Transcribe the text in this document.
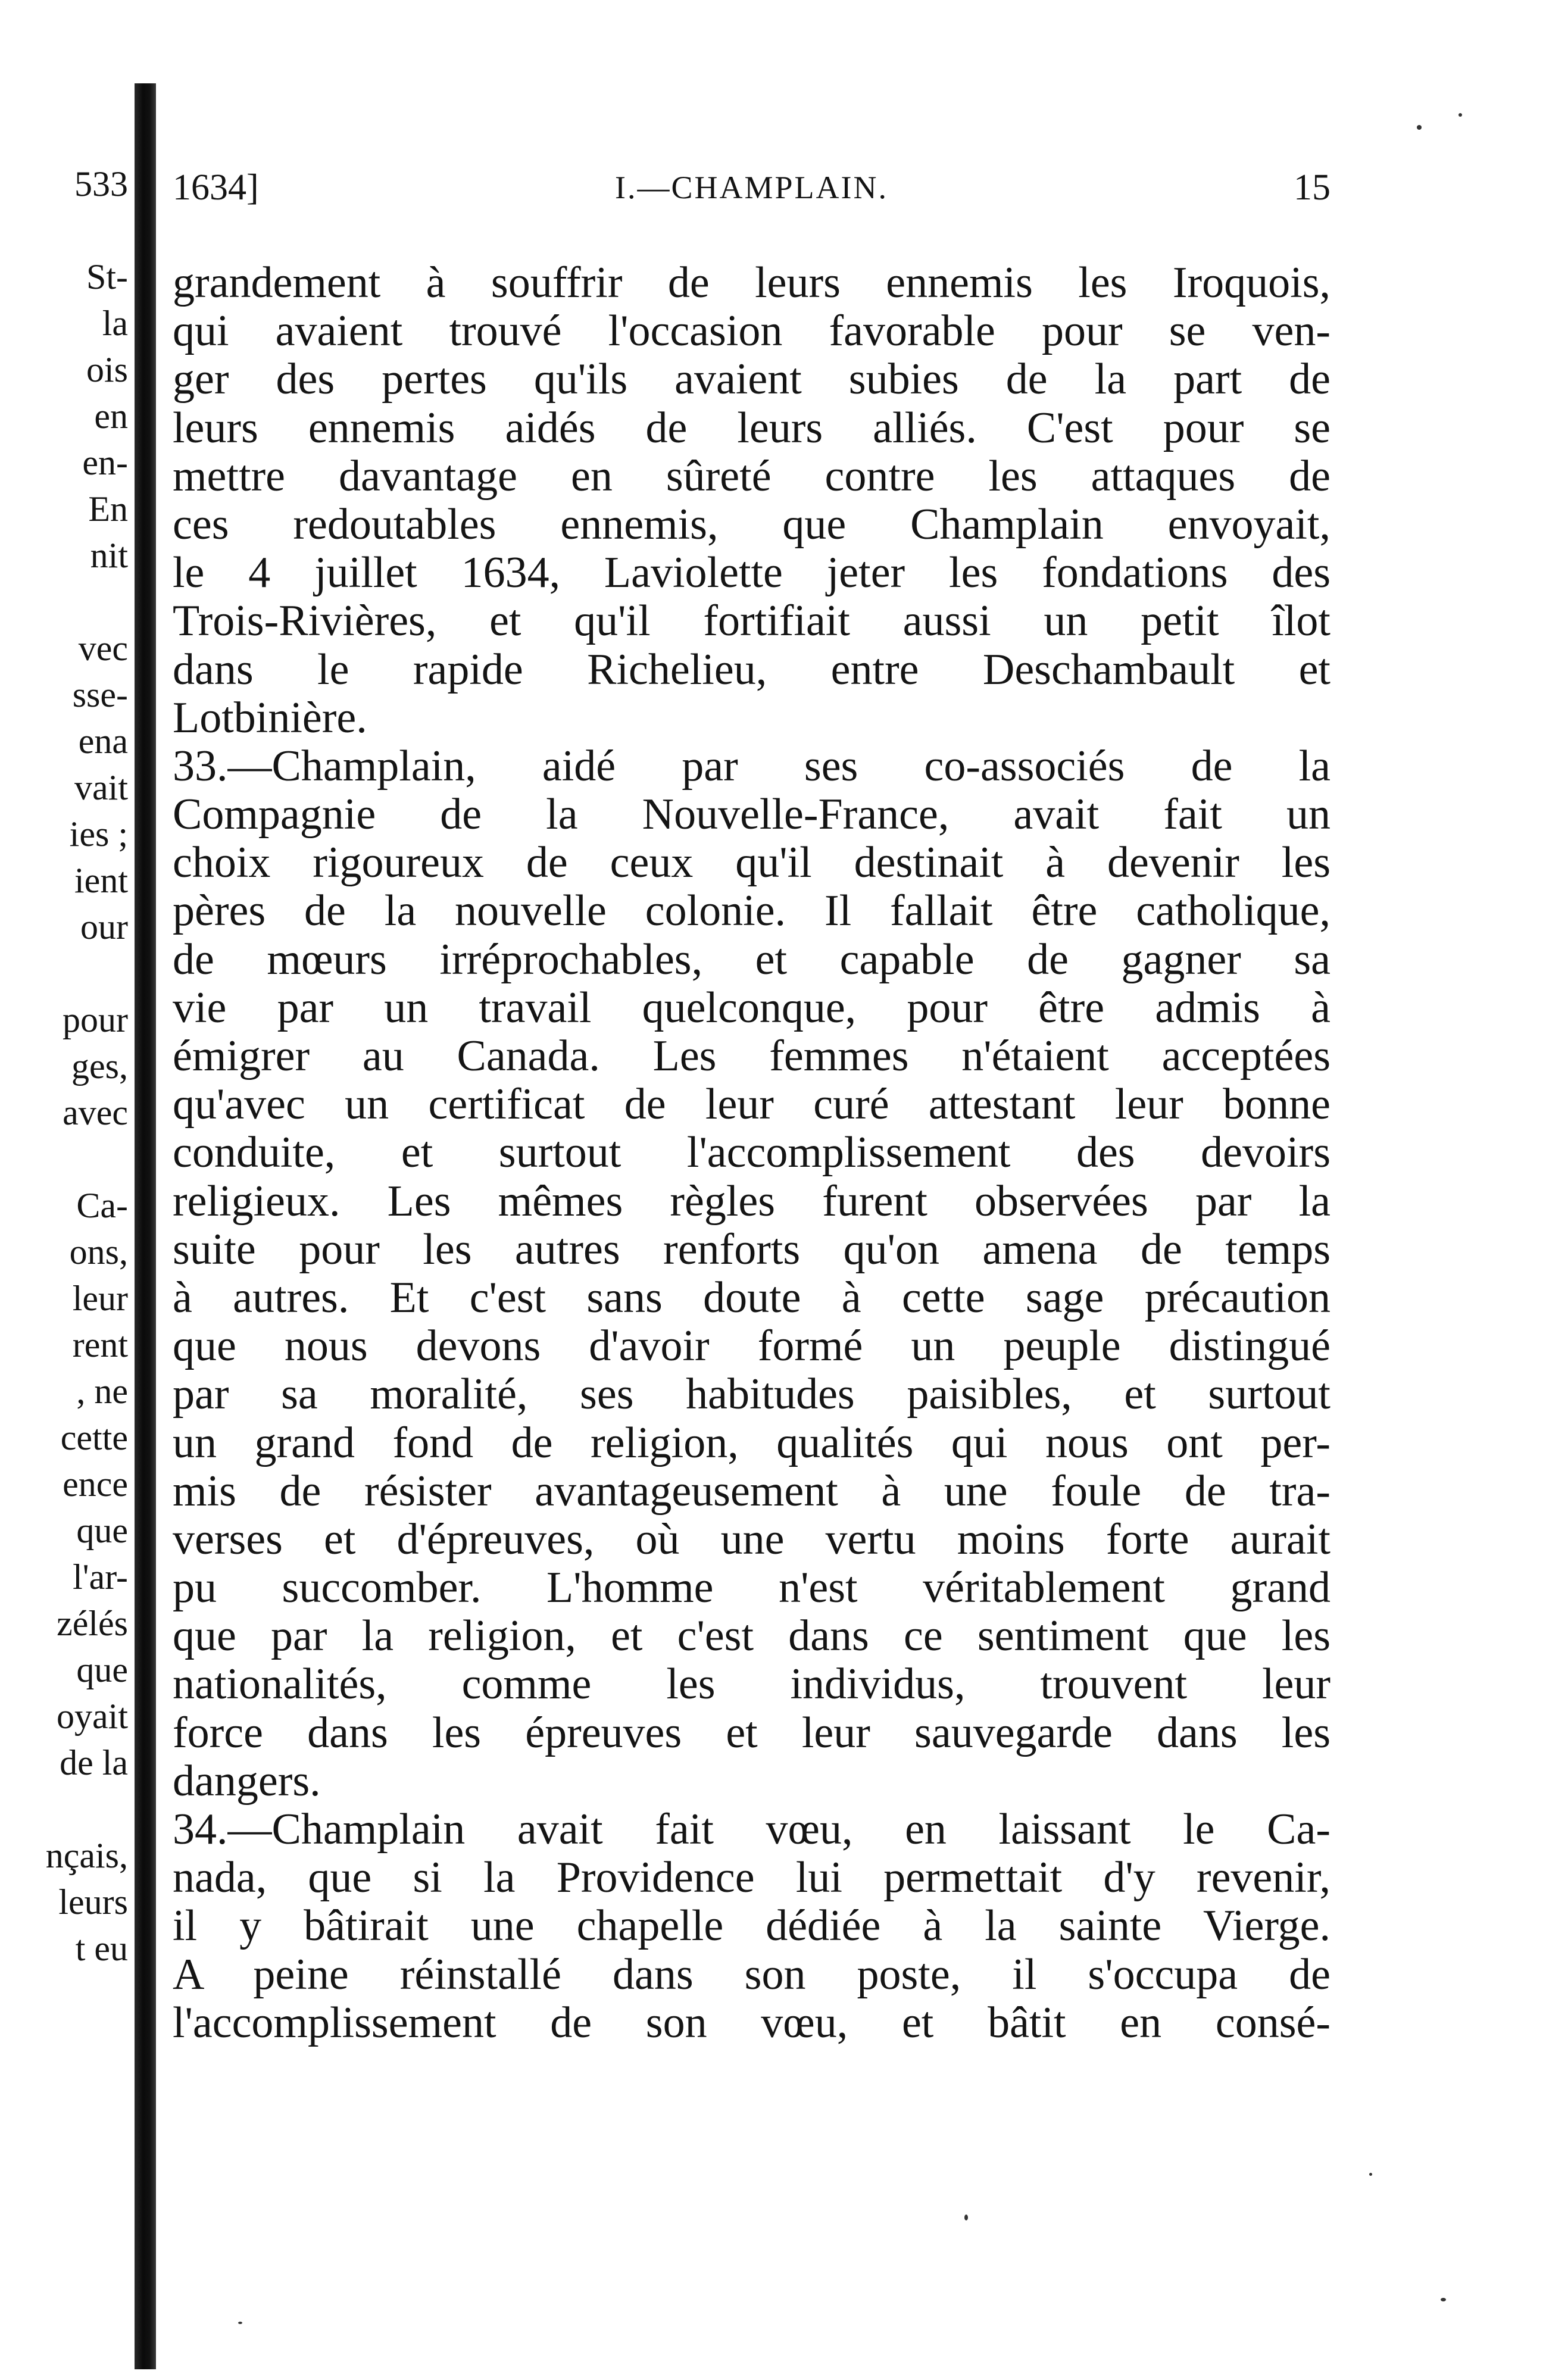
533
St-
la
ois
en
en-
En
nit
vec
sse-
ena
vait
ies ;
ient
our
pour
ges,
avec
Ca-
ons,
leur
rent
, ne
cette
ence
que
l'ar-
zélés
que
oyait
de la
nçais,
leurs
t eu
1634]	I.—CHAMPLAIN.	15
grandement à souffrir de leurs ennemis les Iroquois,
qui avaient trouvé l'occasion favorable pour se ven-
ger des pertes qu'ils avaient subies de la part de
leurs ennemis aidés de leurs alliés. C'est pour se
mettre davantage en sûreté contre les attaques de
ces redoutables ennemis, que Champlain envoyait,
le 4 juillet 1634, Laviolette jeter les fondations des
Trois-Rivières, et qu'il fortifiait aussi un petit îlot
dans le rapide Richelieu, entre Deschambault et
Lotbinière.
33.—Champlain, aidé par ses co-associés de la
Compagnie de la Nouvelle-France, avait fait un
choix rigoureux de ceux qu'il destinait à devenir les
pères de la nouvelle colonie. Il fallait être catholique,
de mœurs irréprochables, et capable de gagner sa
vie par un travail quelconque, pour être admis à
émigrer au Canada. Les femmes n'étaient acceptées
qu'avec un certificat de leur curé attestant leur bonne
conduite, et surtout l'accomplissement des devoirs
religieux. Les mêmes règles furent observées par la
suite pour les autres renforts qu'on amena de temps
à autres. Et c'est sans doute à cette sage précaution
que nous devons d'avoir formé un peuple distingué
par sa moralité, ses habitudes paisibles, et surtout
un grand fond de religion, qualités qui nous ont per-
mis de résister avantageusement à une foule de tra-
verses et d'épreuves, où une vertu moins forte aurait
pu succomber. L'homme n'est véritablement grand
que par la religion, et c'est dans ce sentiment que les
nationalités, comme les individus, trouvent leur
force dans les épreuves et leur sauvegarde dans les
dangers.
34.—Champlain avait fait vœu, en laissant le Ca-
nada, que si la Providence lui permettait d'y revenir,
il y bâtirait une chapelle dédiée à la sainte Vierge.
A peine réinstallé dans son poste, il s'occupa de
l'accomplissement de son vœu, et bâtit en consé-
